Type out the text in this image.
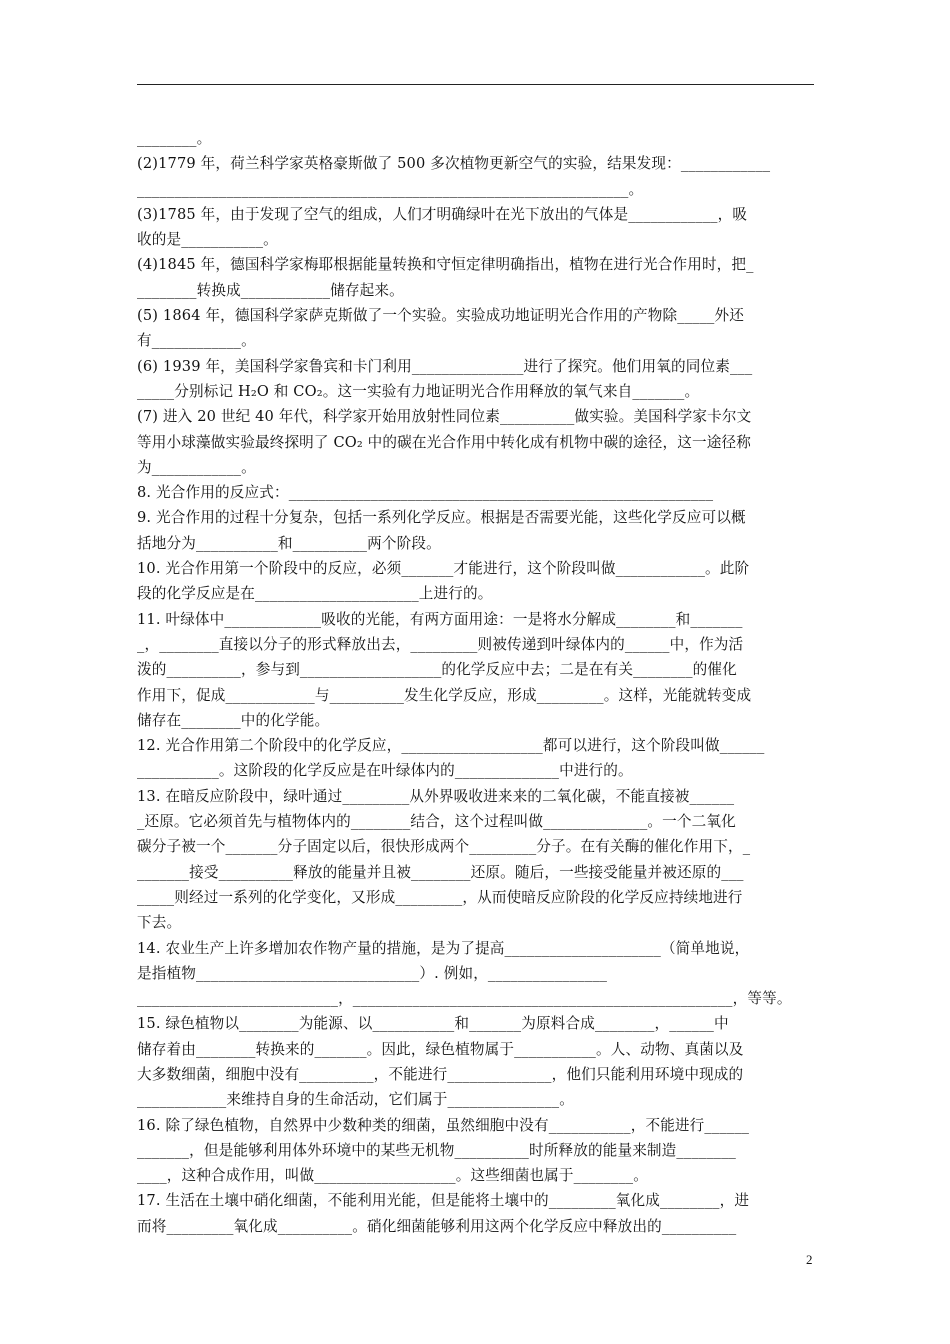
________。
(2)1779 年，荷兰科学家英格豪斯做了 500 多次植物更新空气的实验，结果发现：____________
__________________________________________________________________。
(3)1785 年，由于发现了空气的组成，人们才明确绿叶在光下放出的气体是____________，吸
收的是___________。
(4)1845 年，德国科学家梅耶根据能量转换和守恒定律明确指出，植物在进行光合作用时，把_
________转换成____________储存起来。
(5) 1864 年，德国科学家萨克斯做了一个实验。实验成功地证明光合作用的产物除_____外还
有____________。
(6) 1939 年，美国科学家鲁宾和卡门利用_______________进行了探究。他们用氧的同位素___
_____分别标记 H₂O 和 CO₂。这一实验有力地证明光合作用释放的氧气来自_______。
(7) 进入 20 世纪 40 年代，科学家开始用放射性同位素__________做实验。美国科学家卡尔文
等用小球藻做实验最终探明了 CO₂ 中的碳在光合作用中转化成有机物中碳的途径，这一途径称
为____________。
8. 光合作用的反应式：_________________________________________________________
9. 光合作用的过程十分复杂，包括一系列化学反应。根据是否需要光能，这些化学反应可以概
括地分为___________和__________两个阶段。
10. 光合作用第一个阶段中的反应，必须_______才能进行，这个阶段叫做____________。此阶
段的化学反应是在______________________上进行的。
11. 叶绿体中_____________吸收的光能，有两方面用途：一是将水分解成________和_______
_，________直接以分子的形式释放出去，_________则被传递到叶绿体内的______中，作为活
泼的__________，参与到___________________的化学反应中去；二是在有关________的催化
作用下，促成____________与__________发生化学反应，形成_________。这样，光能就转变成
储存在________中的化学能。
12. 光合作用第二个阶段中的化学反应，___________________都可以进行，这个阶段叫做______
___________。这阶段的化学反应是在叶绿体内的______________中进行的。
13. 在暗反应阶段中，绿叶通过_________从外界吸收进来来的二氧化碳，不能直接被______
_还原。它必须首先与植物体内的________结合，这个过程叫做______________。一个二氧化
碳分子被一个_______分子固定以后，很快形成两个_________分子。在有关酶的催化作用下，_
_______接受__________释放的能量并且被________还原。随后，一些接受能量并被还原的___
_____则经过一系列的化学变化，又形成_________，从而使暗反应阶段的化学反应持续地进行
下去。
14. 农业生产上许多增加农作物产量的措施，是为了提高_____________________（简单地说，
是指植物______________________________）. 例如，________________
___________________________，___________________________________________________，等等。
15. 绿色植物以________为能源、以___________和_______为原料合成________，______中
储存着由________转换来的_______。因此，绿色植物属于___________。人、动物、真菌以及
大多数细菌，细胞中没有__________，不能进行______________，他们只能利用环境中现成的
____________来维持自身的生命活动，它们属于_______________。
16. 除了绿色植物，自然界中少数种类的细菌，虽然细胞中没有___________，不能进行______
_______，但是能够利用体外环境中的某些无机物__________时所释放的能量来制造________
____，这种合成作用，叫做___________________。这些细菌也属于________。
17. 生活在土壤中硝化细菌，不能利用光能，但是能将土壤中的_________氧化成________，进
而将_________氧化成__________。硝化细菌能够利用这两个化学反应中释放出的__________
2
